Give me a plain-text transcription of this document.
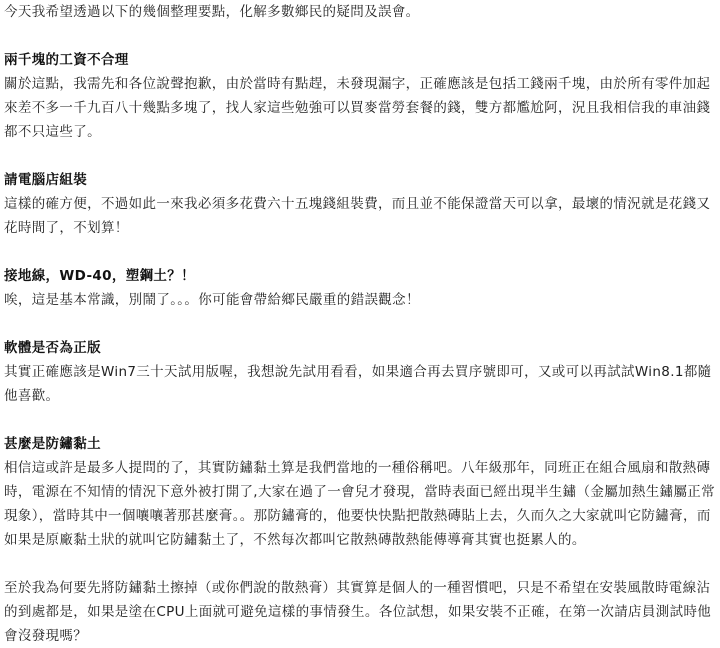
今天我希望透過以下的幾個整理要點，化解多數鄉民的疑問及誤會。

兩千塊的工資不合理

關於這點，我需先和各位說聲抱歉，由於當時有點趕，未發現漏字，正確應該是包括工錢兩千塊，由於所有零件加起來差不多一千九百八十幾點多塊了，找人家這些勉強可以買麥當勞套餐的錢，雙方都尷尬阿，況且我相信我的車油錢都不只這些了。

請電腦店組裝

這樣的確方便，不過如此一來我必須多花費六十五塊錢組裝費，而且並不能保證當天可以拿，最壞的情況就是花錢又花時間了，不划算！

接地線，WD-40，塑鋼土？！

唉，這是基本常識，別鬧了。。。你可能會帶給鄉民嚴重的錯誤觀念！

軟體是否為正版

其實正確應該是Win7三十天試用版喔，我想說先試用看看，如果適合再去買序號即可，又或可以再試試Win8.1都隨他喜歡。

甚麼是防鏽黏土

相信這或許是最多人提問的了，其實防鏽黏土算是我們當地的一種俗稱吧。八年級那年，同班正在組合風扇和散熱磚時，電源在不知情的情況下意外被打開了,大家在過了一會兒才發現，當時表面已經出現半生鏽（金屬加熱生鏽屬正常現象），當時其中一個嚷嚷著那甚麼膏。。那防鏽膏的，他要快快點把散熱磚貼上去，久而久之大家就叫它防鏽膏，而如果是原廠黏土狀的就叫它防鏽黏土了，不然每次都叫它散熱磚散熱能傳導膏其實也挺累人的。

至於我為何要先將防鏽黏土擦掉（或你們說的散熱膏）其實算是個人的一種習慣吧，只是不希望在安裝風散時電線沾的到處都是，如果是塗在CPU上面就可避免這樣的事情發生。各位試想，如果安裝不正確，在第一次請店員測試時他會沒發現嗎？
